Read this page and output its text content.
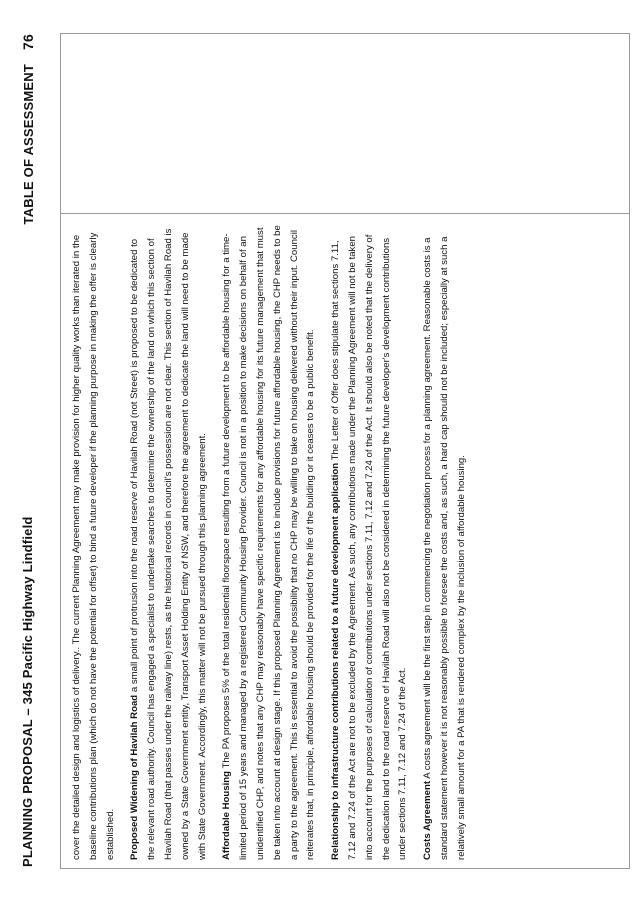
PLANNING PROPOSAL – 345 Pacific Highway Lindfield
TABLE OF ASSESSMENT76

cover the detailed design and logistics of delivery.. The current Planning Agreement may make provision for higher quality works than iterated in the baseline contributions plan (which do not have the potential for offset) to bind a future developer if the planning purpose in making the offer is clearly established.	Proposed Widening of Havilah Road a small point of protrusion into the road reserve of Havilah Road (not Street) is proposed to be dedicated to the relevant road authority. Council has engaged a specialist to undertake searches to determine the ownership of the land on which this section of Havilah Road (that passes under the railway line) rests, as the historical records in council's possession are not clear. This section of Havilah Road is owned by a State Government entity, Transport Asset Holding Entity of NSW, and therefore the agreement to dedicate the land will need to be made with State Government. Accordingly, this matter will not be pursued through this planning agreement.	Affordable Housing The PA proposes 5% of the total residential floorspace resulting from a future development to be affordable housing for a time-limited period of 15 years and managed by a registered Community Housing Provider. Council is not in a position to make decisions on behalf of an unidentified CHP, and notes that any CHP may reasonably have specific requirements for any affordable housing for its future management that must be taken into account at design stage. If this proposed Planning Agreement is to include provisions for future affordable housing, the CHP needs to be a party to the agreement. This is essential to avoid the possibility that no CHP may be willing to take on housing delivered without their input. Council reiterates that, in principle, affordable housing should be provided for the life of the building or it ceases to be a public benefit.	Relationship to infrastructure contributions related to a future development application The Letter of Offer does stipulate that sections 7.11, 7.12 and 7.24 of the Act are not to be excluded by the Agreement. As such, any contributions made under the Planning Agreement will not be taken into account for the purposes of calculation of contributions under sections 7.11, 7.12 and 7.24 of the Act. It should also be noted that the delivery of the dedication land to the road reserve of Havilah Road will also not be considered in determining the future developer's development contributions under sections 7.11, 7.12 and 7.24 of the Act.	Costs Agreement A costs agreement will be the first step in commencing the negotiation process for a planning agreement. Reasonable costs is a standard statement however it is not reasonably possible to foresee the costs and, as such, a hard cap should not be included; especially at such a relatively small amount for a PA that is rendered complex by the inclusion of affordable housing.
